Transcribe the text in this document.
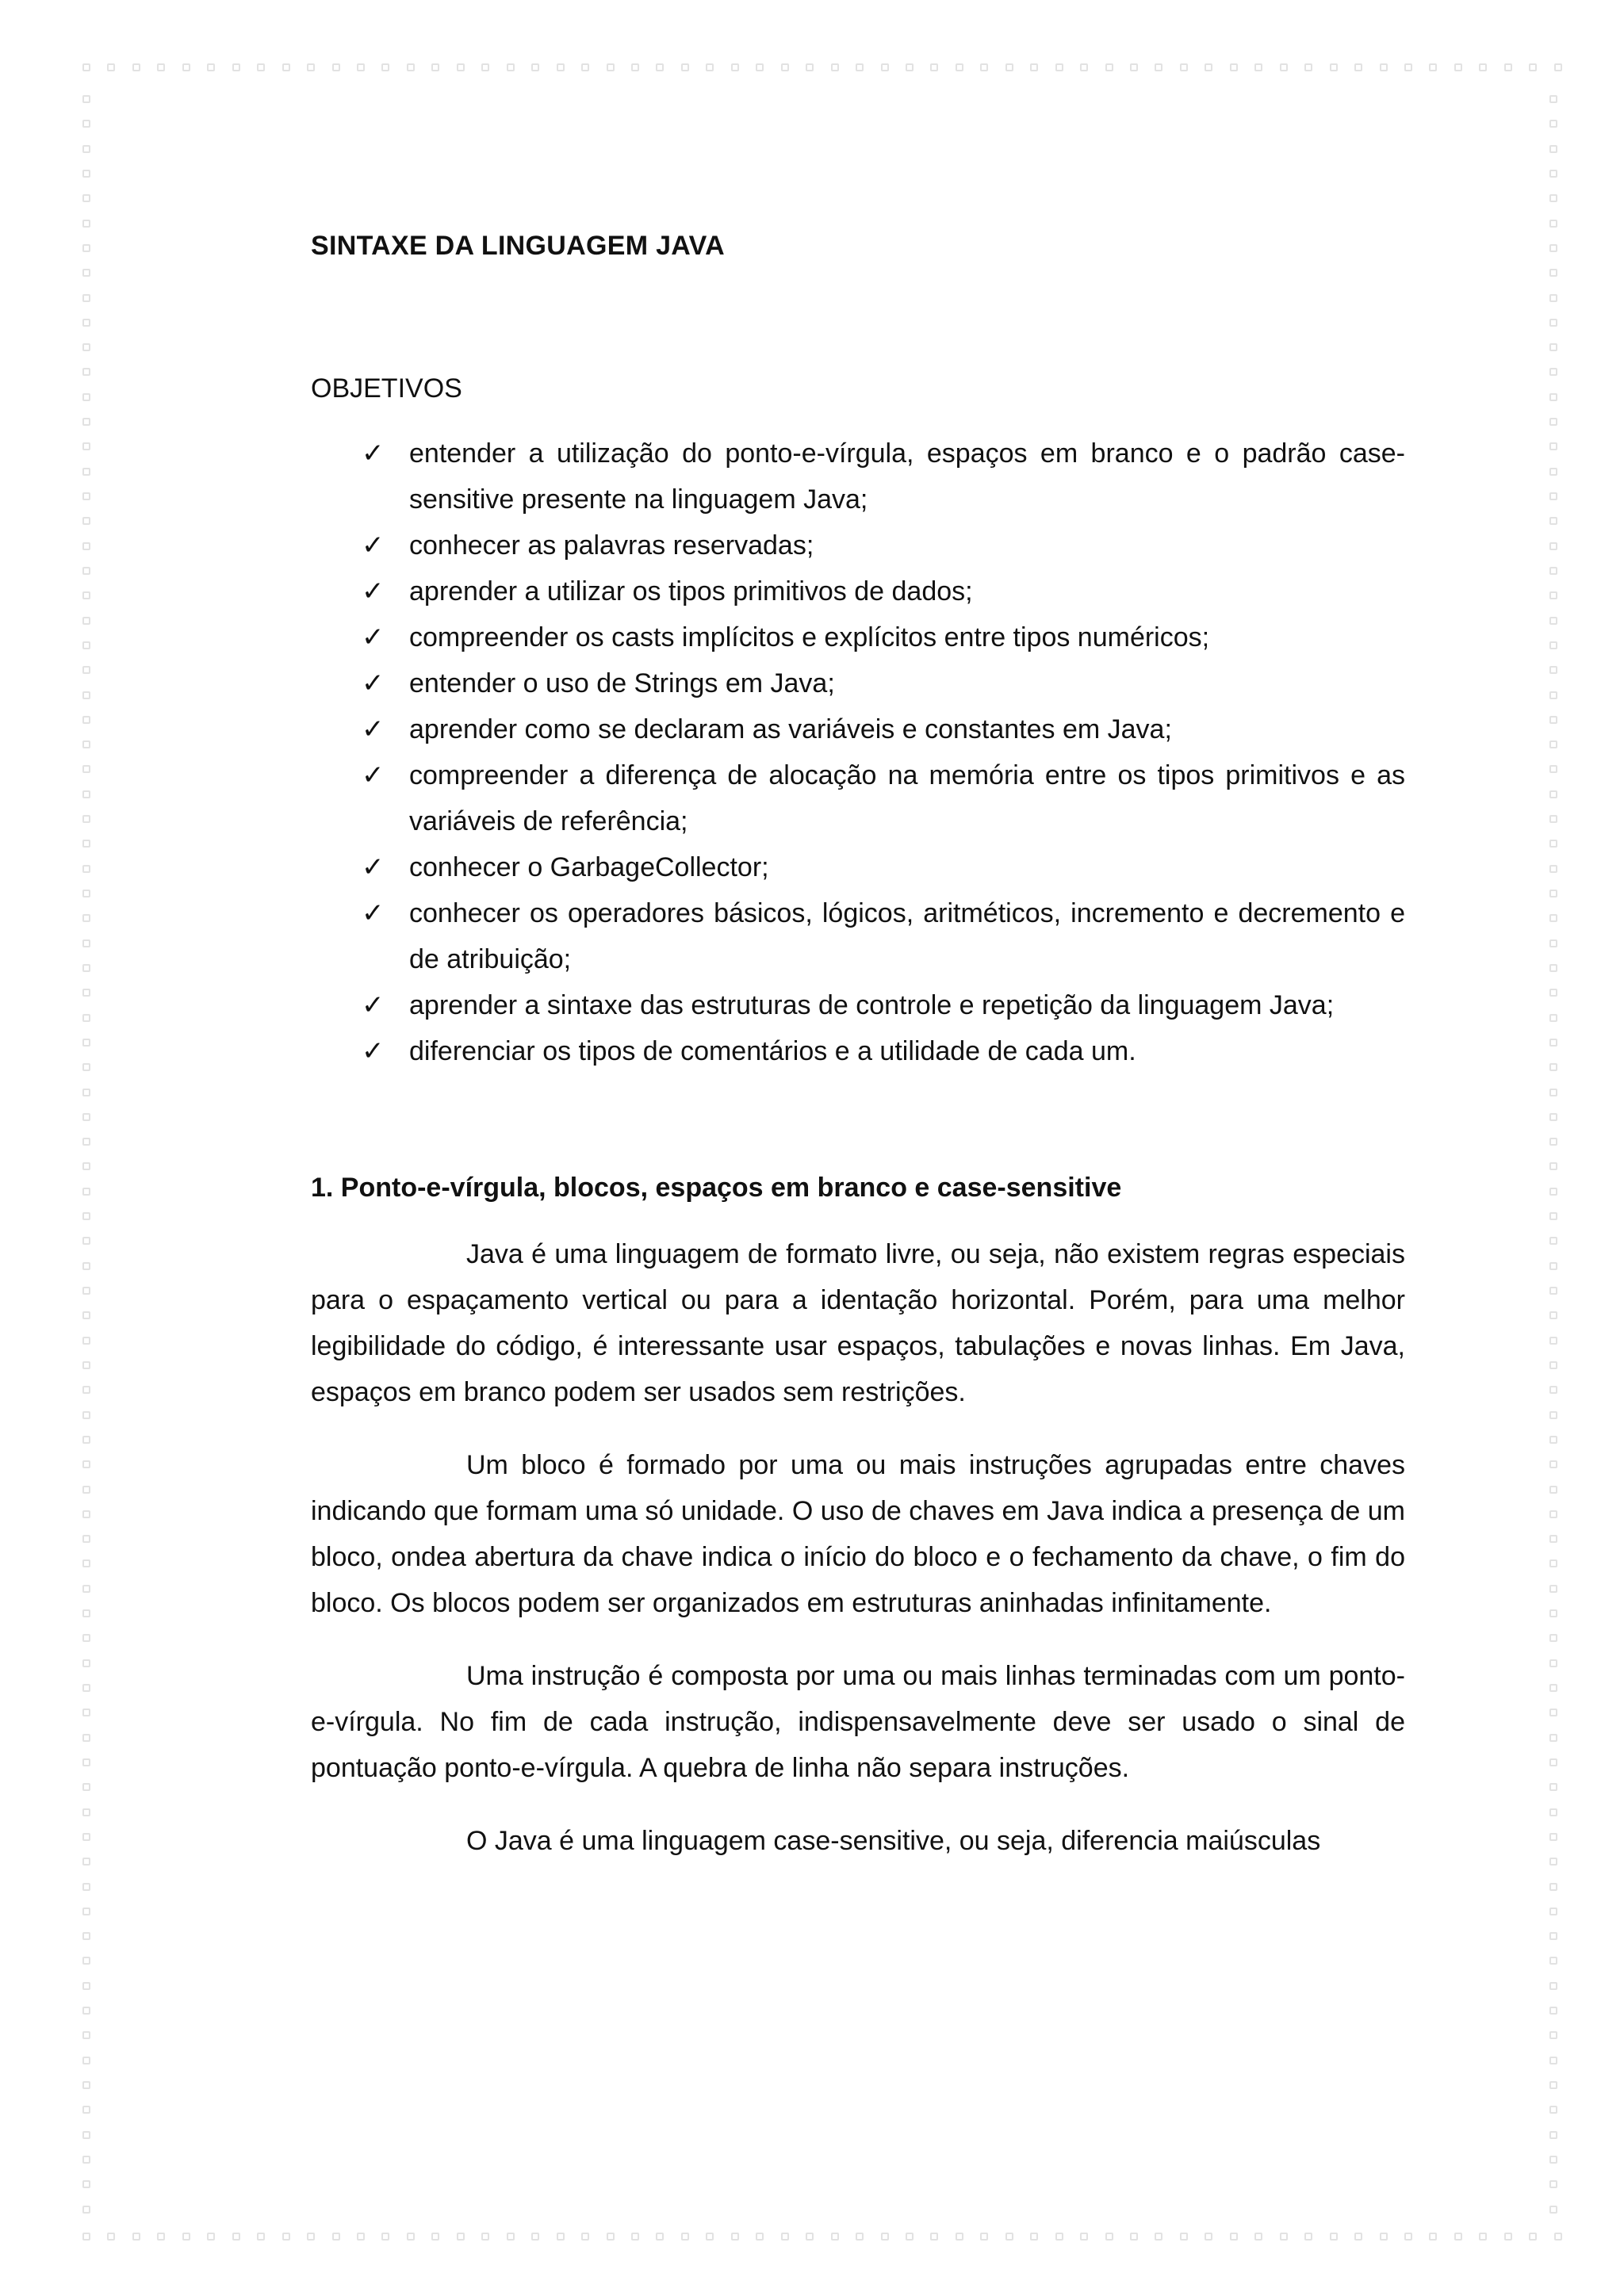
SINTAXE DA LINGUAGEM JAVA

OBJETIVOS

✓ entender a utilização do ponto-e-vírgula, espaços em branco e o padrão case-sensitive presente na linguagem Java;
✓ conhecer as palavras reservadas;
✓ aprender a utilizar os tipos primitivos de dados;
✓ compreender os casts implícitos e explícitos entre tipos numéricos;
✓ entender o uso de Strings em Java;
✓ aprender como se declaram as variáveis e constantes em Java;
✓ compreender a diferença de alocação na memória entre os tipos primitivos e as variáveis de referência;
✓ conhecer o GarbageCollector;
✓ conhecer os operadores básicos, lógicos, aritméticos, incremento e decremento e de atribuição;
✓ aprender a sintaxe das estruturas de controle e repetição da linguagem Java;
✓ diferenciar os tipos de comentários e a utilidade de cada um.
1. Ponto-e-vírgula, blocos, espaços em branco e case-sensitive

Java é uma linguagem de formato livre, ou seja, não existem regras especiais para o espaçamento vertical ou para a identação horizontal. Porém, para uma melhor legibilidade do código, é interessante usar espaços, tabulações e novas linhas. Em Java, espaços em branco podem ser usados sem restrições.

Um bloco é formado por uma ou mais instruções agrupadas entre chaves indicando que formam uma só unidade. O uso de chaves em Java indica a presença de um bloco, ondea abertura da chave indica o início do bloco e o fechamento da chave, o fim do bloco. Os blocos podem ser organizados em estruturas aninhadas infinitamente.

Uma instrução é composta por uma ou mais linhas terminadas com um ponto-e-vírgula. No fim de cada instrução, indispensavelmente deve ser usado o sinal de pontuação ponto-e-vírgula. A quebra de linha não separa instruções.

O Java é uma linguagem case-sensitive, ou seja, diferencia maiúsculas
